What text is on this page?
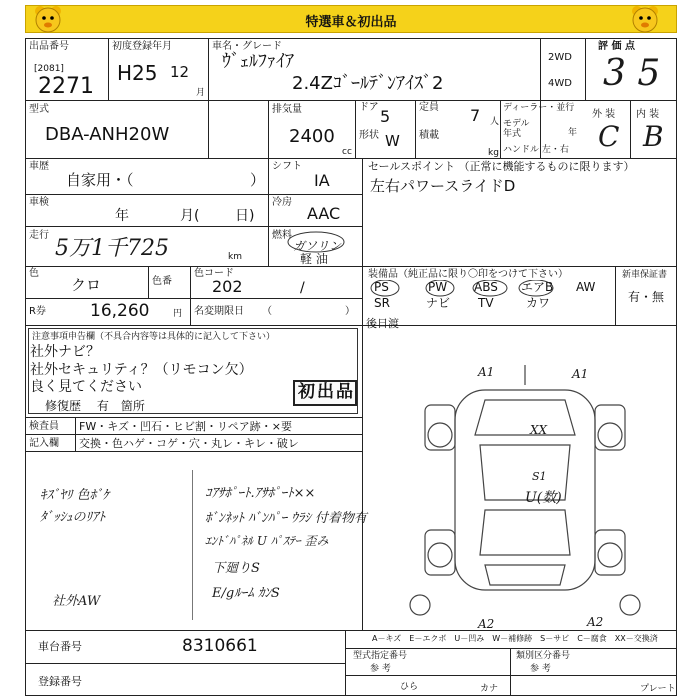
特選車＆初出品
出品番号
[2081]
2271
初度登録年月
H25 12
月
車名・グレード
ｳﾞｪﾙﾌｧｲｱ
2.4Zｺﾞｰﾙﾃﾞﾝｱｲｽﾞ2
2WD
4WD
評 価 点
3 5
型式
DBA-ANH20W
排気量
2400
cc
ドア 5
形状 W
定員 7 人
積載
kg
ディーラー・並行
モデル
年式	年
ハンドル 左・右
外 装
C
内 装
B
車歴
自家用・（	）
シフト
IA
セールスポイント （正常に機能するものに限ります）
左右パワースライドD
車検
年	月(	日)
冷房
AAC
走行
5万1千725	km
燃料
ガソリン
軽 油
色
クロ	色番
色コード
202	/
装備品（純正品に限り〇印をつけて下さい）
PS	PW ABS エアB AW
SR	ナビ TV	カワ
新車保証書
有・無
R券	16,260	円 名変期限日 （	）
注意事項申告欄（不具合内容等は具体的に記入して下さい）
社外ナビ？
社外セキュリティ？（リモコン欠）
良く見てください
修復歴 　有　箇所
初出品
検査員 FW・キズ・凹石・ヒビ割・リペア跡・×要
記入欄 交換・色ハゲ・コゲ・穴・丸レ・キレ・破レ
後日渡
ｷｽﾞﾔﾘ 色ﾎﾞｹ
ﾀﾞｯｼｭのﾘｱﾄ
社外AW
ｺｱｻﾎﾟｰﾄ.ｱｻﾎﾟｰﾄ××
ﾎﾞﾝﾈｯﾄ ﾊﾞﾝﾊﾟｰ ｳﾗｼ 付着物有
ｴﾝﾄﾞﾊﾟﾈﾙ U ﾊﾟｽﾃｰ 歪み
下廻りS
E/gﾙｰﾑ ｶﾝS
A1	A1
XX
S1
U(数)
A2	A2
A－キズ　E－エクボ　U－凹み　W－補修跡　S－サビ　C－腐食　XX－交換済
車台番号	8310661
登録番号
型式指定番号
参 考
類別区分番号
参 考
ひら	カナ	プレート
